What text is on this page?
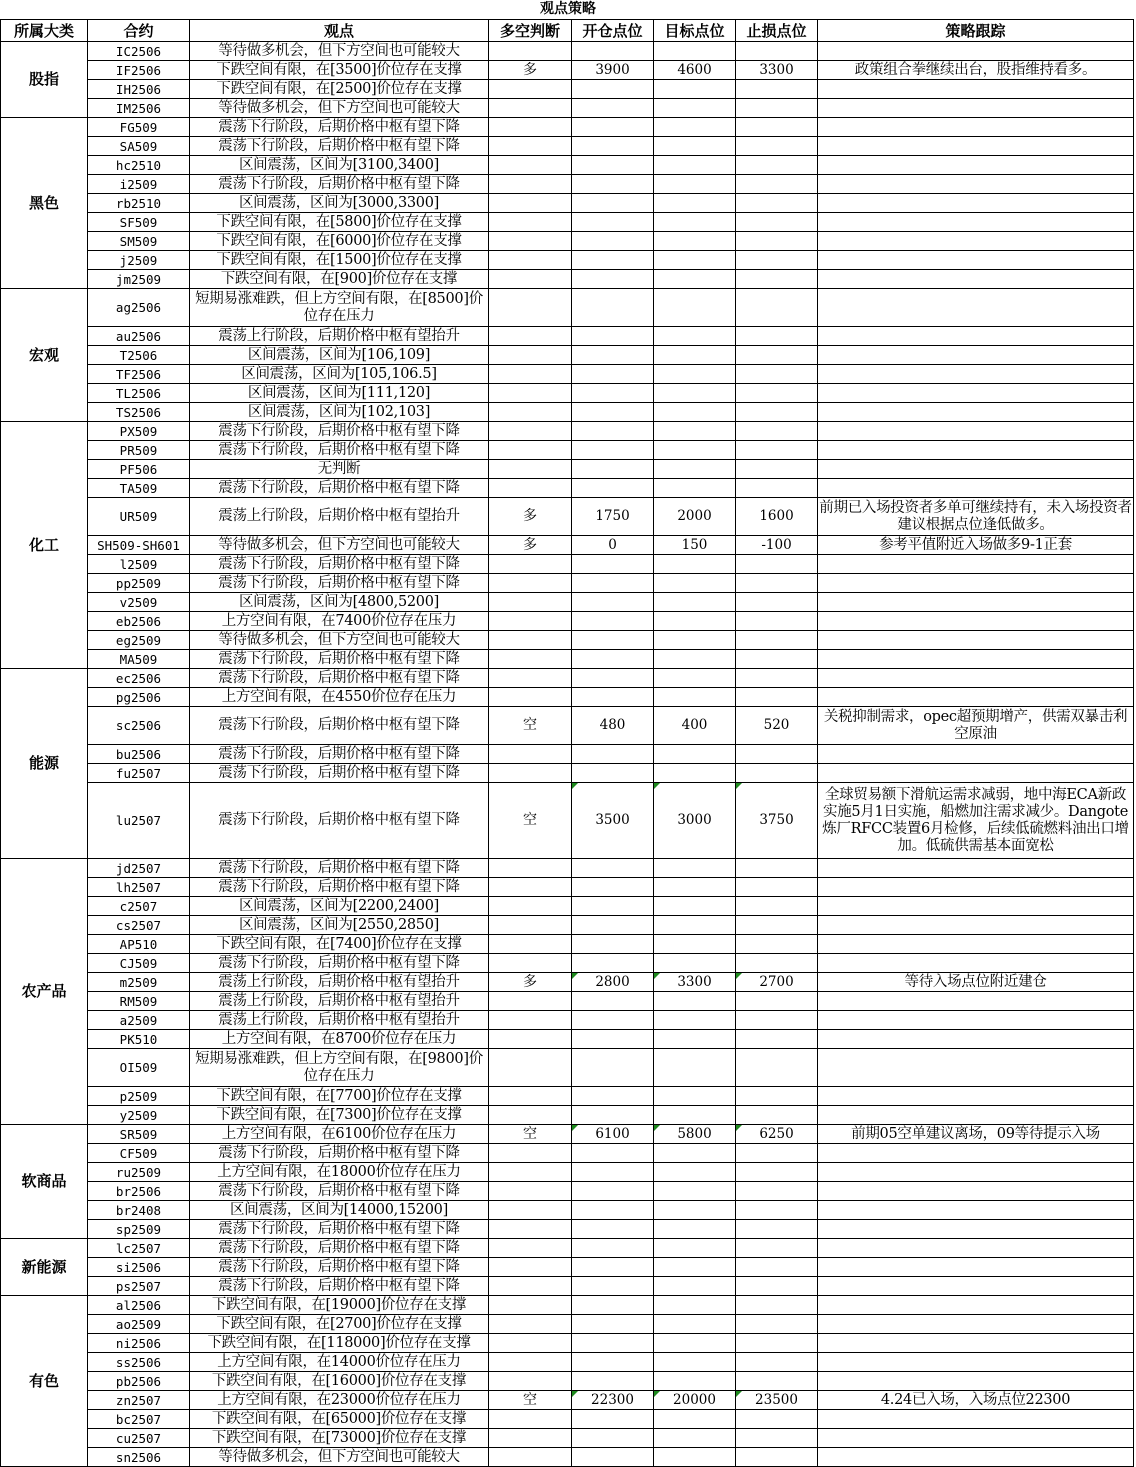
观点策略
所属大类	合约	观点	多空判断	开仓点位	目标点位	止损点位	策略跟踪
股指	IC2506	等待做多机会，但下方空间也可能较大					
	IF2506	下跌空间有限，在[3500]价位存在支撑	多	3900	4600	3300	政策组合拳继续出台，股指维持看多。
	IH2506	下跌空间有限，在[2500]价位存在支撑					
	IM2506	等待做多机会，但下方空间也可能较大					
黑色	FG509	震荡下行阶段，后期价格中枢有望下降					
	SA509	震荡下行阶段，后期价格中枢有望下降					
	hc2510	区间震荡，区间为[3100,3400]					
	i2509	震荡下行阶段，后期价格中枢有望下降					
	rb2510	区间震荡，区间为[3000,3300]					
	SF509	下跌空间有限，在[5800]价位存在支撑					
	SM509	下跌空间有限，在[6000]价位存在支撑					
	j2509	下跌空间有限，在[1500]价位存在支撑					
	jm2509	下跌空间有限，在[900]价位存在支撑					
宏观	ag2506	短期易涨难跌，但上方空间有限，在[8500]价位存在压力					
	au2506	震荡上行阶段，后期价格中枢有望抬升					
	T2506	区间震荡，区间为[106,109]					
	TF2506	区间震荡，区间为[105,106.5]					
	TL2506	区间震荡，区间为[111,120]					
	TS2506	区间震荡，区间为[102,103]					
化工	PX509	震荡下行阶段，后期价格中枢有望下降					
	PR509	震荡下行阶段，后期价格中枢有望下降					
	PF506	无判断					
	TA509	震荡下行阶段，后期价格中枢有望下降					
	UR509	震荡上行阶段，后期价格中枢有望抬升	多	1750	2000	1600	前期已入场投资者多单可继续持有，未入场投资者建议根据点位逢低做多。
	SH509-SH601	等待做多机会，但下方空间也可能较大	多	0	150	-100	参考平值附近入场做多9-1正套
	l2509	震荡下行阶段，后期价格中枢有望下降					
	pp2509	震荡下行阶段，后期价格中枢有望下降					
	v2509	区间震荡，区间为[4800,5200]					
	eb2506	上方空间有限，在7400价位存在压力					
	eg2509	等待做多机会，但下方空间也可能较大					
	MA509	震荡下行阶段，后期价格中枢有望下降					
能源	ec2506	震荡下行阶段，后期价格中枢有望下降					
	pg2506	上方空间有限，在4550价位存在压力					
	sc2506	震荡下行阶段，后期价格中枢有望下降	空	480	400	520	关税抑制需求，opec超预期增产，供需双暴击利空原油
	bu2506	震荡下行阶段，后期价格中枢有望下降					
	fu2507	震荡下行阶段，后期价格中枢有望下降					
	lu2507	震荡下行阶段，后期价格中枢有望下降	空	3500	3000	3750	全球贸易额下滑航运需求减弱，地中海ECA新政实施5月1日实施，船燃加注需求减少。Dangote炼厂RFCC装置6月检修，后续低硫燃料油出口增加。低硫供需基本面宽松
农产品	jd2507	震荡下行阶段，后期价格中枢有望下降					
	lh2507	震荡下行阶段，后期价格中枢有望下降					
	c2507	区间震荡，区间为[2200,2400]					
	cs2507	区间震荡，区间为[2550,2850]					
	AP510	下跌空间有限，在[7400]价位存在支撑					
	CJ509	震荡下行阶段，后期价格中枢有望下降					
	m2509	震荡上行阶段，后期价格中枢有望抬升	多	2800	3300	2700	等待入场点位附近建仓
	RM509	震荡上行阶段，后期价格中枢有望抬升					
	a2509	震荡上行阶段，后期价格中枢有望抬升					
	PK510	上方空间有限，在8700价位存在压力					
	OI509	短期易涨难跌，但上方空间有限，在[9800]价位存在压力					
	p2509	下跌空间有限，在[7700]价位存在支撑					
	y2509	下跌空间有限，在[7300]价位存在支撑					
软商品	SR509	上方空间有限，在6100价位存在压力	空	6100	5800	6250	前期05空单建议离场，09等待提示入场
	CF509	震荡下行阶段，后期价格中枢有望下降					
	ru2509	上方空间有限，在18000价位存在压力					
	br2506	震荡下行阶段，后期价格中枢有望下降					
	br2408	区间震荡，区间为[14000,15200]					
	sp2509	震荡下行阶段，后期价格中枢有望下降					
新能源	lc2507	震荡下行阶段，后期价格中枢有望下降					
	si2506	震荡下行阶段，后期价格中枢有望下降					
	ps2507	震荡下行阶段，后期价格中枢有望下降					
有色	al2506	下跌空间有限，在[19000]价位存在支撑					
	ao2509	下跌空间有限，在[2700]价位存在支撑					
	ni2506	下跌空间有限，在[118000]价位存在支撑					
	ss2506	上方空间有限，在14000价位存在压力					
	pb2506	下跌空间有限，在[16000]价位存在支撑					
	zn2507	上方空间有限，在23000价位存在压力	空	22300	20000	23500	4.24已入场，入场点位22300
	bc2507	下跌空间有限，在[65000]价位存在支撑					
	cu2507	下跌空间有限，在[73000]价位存在支撑					
	sn2506	等待做多机会，但下方空间也可能较大					
